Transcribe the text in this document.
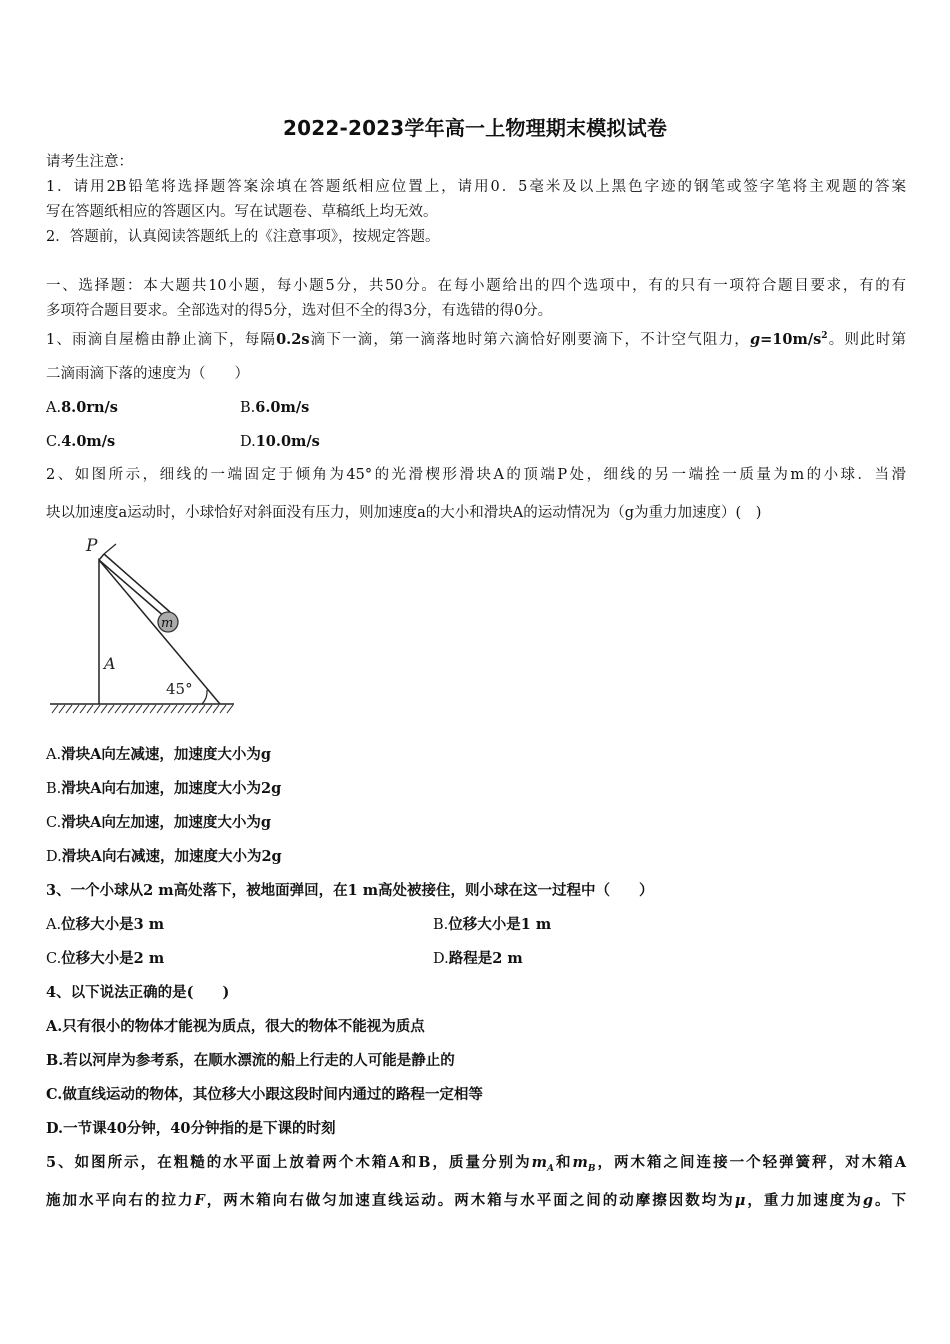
2022-2023学年高一上物理期末模拟试卷
请考生注意：
1．请用2B铅笔将选择题答案涂填在答题纸相应位置上，请用0．5毫米及以上黑色字迹的钢笔或签字笔将主观题的答案
写在答题纸相应的答题区内。写在试题卷、草稿纸上均无效。
2．答题前，认真阅读答题纸上的《注意事项》，按规定答题。
一、选择题：本大题共10小题，每小题5分，共50分。在每小题给出的四个选项中，有的只有一项符合题目要求，有的有
多项符合题目要求。全部选对的得5分，选对但不全的得3分，有选错的得0分。
1、雨滴自屋檐由静止滴下，每隔0.2s滴下一滴，第一滴落地时第六滴恰好刚要滴下，不计空气阻力，$g=10m/s^2$。则此时第
二滴雨滴下落的速度为（　　）
A.8.0rn/s	B.6.0m/s
C.4.0m/s	D.10.0m/s
2、如图所示，细线的一端固定于倾角为45°的光滑楔形滑块A的顶端P处，细线的另一端拴一质量为m的小球．当滑
块以加速度a运动时，小球恰好对斜面没有压力，则加速度a的大小和滑块A的运动情况为（g为重力加速度）(　)
P
m
A
45°
A.滑块A向左减速，加速度大小为g
B.滑块A向右加速，加速度大小为2g
C.滑块A向左加速，加速度大小为g
D.滑块A向右减速，加速度大小为2g
3、一个小球从2 m高处落下，被地面弹回，在1 m高处被接住，则小球在这一过程中（　　）
A.位移大小是3 m	B.位移大小是1 m
C.位移大小是2 m	D.路程是2 m
4、以下说法正确的是(　　)
A.只有很小的物体才能视为质点，很大的物体不能视为质点
B.若以河岸为参考系，在顺水漂流的船上行走的人可能是静止的
C.做直线运动的物体，其位移大小跟这段时间内通过的路程一定相等
D.一节课40分钟，40分钟指的是下课的时刻
5、如图所示，在粗糙的水平面上放着两个木箱A和B，质量分别为$m_A$和$m_B$，两木箱之间连接一个轻弹簧秤，对木箱A
施加水平向右的拉力F，两木箱向右做匀加速直线运动。两木箱与水平面之间的动摩擦因数均为μ，重力加速度为g。下
